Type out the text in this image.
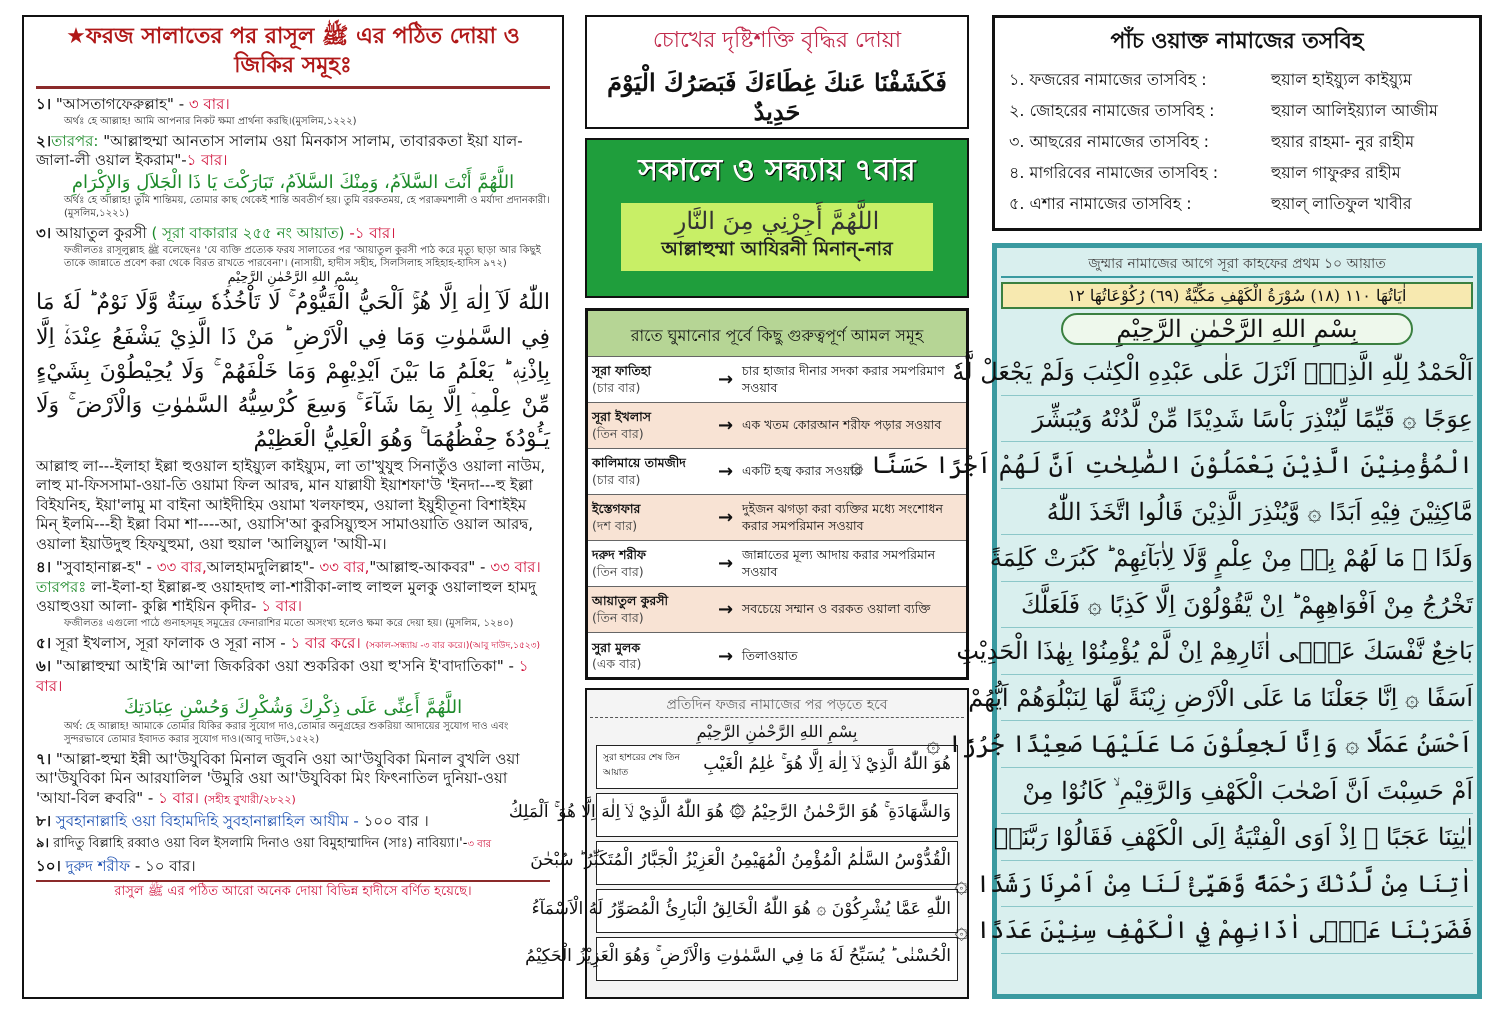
★ফরজ সালাতের পর রাসূল ﷺ এর পঠিত দোয়া ও জিকির সমূহঃ
১। "আসতাগফেরুল্লাহ" - ৩ বার।
অর্থঃ হে আল্লাহ! আমি আপনার নিকট ক্ষমা প্রার্থনা করছি।(মুসলিম,১২২২)
২।তারপর: "আল্লাহুম্মা আনতাস সালাম ওয়া মিনকাস সালাম, তাবারকতা ইয়া যাল-জালা-লী ওয়াল ইকরাম"-১ বার।
اللَّهُمَّ أَنْتَ السَّلاَمُ، وَمِنْكَ السَّلاَمُ، تَبَارَكْتَ يَا ذَا الْجَلاَلِ وَالإِكْرَامِ
অর্থঃ হে আল্লাহ! তুমি শান্তিময়, তোমার কাছ থেকেই শান্তি অবতীর্ণ হয়। তুমি বরকতময়, হে পরাক্রমশালী ও মর্যাদা প্রদানকারী।(মুসলিম,১২২১)
৩। আয়াতুল কুরসী ( সূরা বাকারার ২৫৫ নং আয়াত) -১ বার।
ফজীলতঃ রাসূলুল্লাহ ﷺ বলেছেনঃ 'যে ব্যক্তি প্রত্যেক ফরয সালাতের পর 'আয়াতুল কুরসী পাঠ করে মৃত্যু ছাড়া আর কিছুই তাকে জান্নাতে প্রবেশ করা থেকে বিরত রাখতে পারবেনা'। (নাসায়ী, হাদীস সহীহ, সিলসিলাহ সহিহাহ-হাদিস ৯৭২)
بِسْمِ اللهِ الرَّحْمٰنِ الرَّحِيْمِ
اللّٰهُ لَآ اِلٰهَ اِلَّا هُوَۚ اَلْحَيُّ الْقَيُّوْمُ ۚ لَا تَاْخُذُهٗ سِنَةٌ وَّلَا نَوْمٌ ؕ لَهٗ مَا فِي السَّمٰوٰتِ وَمَا فِي الْاَرْضِ ؕ مَنْ ذَا الَّذِيْ يَشْفَعُ عِنْدَهٗۤ اِلَّا بِاِذْنِهٖ ؕ يَعْلَمُ مَا بَيْنَ اَيْدِيْهِمْ وَمَا خَلْفَهُمْ ۚ وَلَا يُحِيْطُوْنَ بِشَيْءٍ مِّنْ عِلْمِهٖۤ اِلَّا بِمَا شَآءَ ۚ وَسِعَ كُرْسِيُّهُ السَّمٰوٰتِ وَالْاَرْضَ ۚ وَلَا يَـُٔوْدُهٗ حِفْظُهُمَا ۚ وَهُوَ الْعَلِيُّ الْعَظِيْمُ
আল্লাহু লা---ইলাহা ইল্লা হুওয়াল হাইয়্যুল কাইয়্যুম, লা তা'খুযুহু সিনাতুঁও ওয়ালা নাউম, লাহু মা-ফিসসামা-ওয়া-তি ওয়ামা ফিল আরদ্ব, মান যাল্লাযী ইয়াশফা'উ 'ইনদা---হু ইল্লা বিইযনিহ, ইয়া'লামু মা বাইনা আইদীহিম ওয়ামা খলফাহুম, ওয়ালা ইয়ুহীতূনা বিশাইইম মিন্ ইলমি---হী ইল্লা বিমা শা----আ, ওয়াসি'আ কুরসিয়্যুহুস সামাওয়াতি ওয়াল আরদ্ব, ওয়ালা ইয়াউদুহু হিফযুহুমা, ওয়া হুয়াল 'আলিয়্যুল 'আযী-ম।
৪। "সুবাহানাল্ল-হ" - ৩৩ বার,আলহামদুলিল্লাহ"- ৩৩ বার,"আল্লাহু-আকবর" - ৩৩ বার।তারপরঃ লা-ইলা-হা ইল্লাল্ল-হু ওয়াহদাহু লা-শারীকা-লাহু লাহুল মুলকু ওয়ালাহুল হামদু ওয়াহুওয়া আলা- কুল্লি শাইয়িন কৃদীর- ১ বার।
ফজীলতঃ এগুলো পাঠে গুনাহসমূহ সমুদ্রের ফেনারাশির মতো অসংখ্য হলেও ক্ষমা করে দেয়া হয়। (মুসলিম, ১২৪০)
৫। সূরা ইখলাস, সূরা ফালাক ও সূরা নাস - ১ বার করে। (সকাল-সন্ধ্যায় -৩ বার করে।)(আবু দাউদ,১৫২৩)
৬। "আল্লাহুম্মা আই'ন্নি আ'লা জিকরিকা ওয়া শুকরিকা ওয়া হু'সনি ই'বাদাতিকা" - ১ বার।
اللَّهُمَّ أَعِنِّى عَلَى ذِكْرِكَ وَشُكْرِكَ وَحُسْنِ عِبَادَتِكَ
অর্থ: হে আল্লাহ! আমাকে তোমার যিকির করার সুযোগ দাও,তোমার অনুগ্রহের শুকরিয়া আদায়ের সুযোগ দাও এবং সুন্দরভাবে তোমার ইবাদত করার সুযোগ দাও।(আবু দাউদ,১৫২২)
৭। "আল্লা-হুম্মা ইন্নী আ'উযুবিকা মিনাল জুবনি ওয়া আ'উযুবিকা মিনাল বুখলি ওয়া আ'উযুবিকা মিন আরযালিল 'উমুরি ওয়া আ'উযুবিকা মিং ফিৎনাতিল দুনিয়া-ওয়া 'আযা-বিল ক্ববরি" - ১ বার। (সহীহ বুখারী/২৮২২)
৮। সুবহানাল্লাহি ওয়া বিহামদিহি সুবহানাল্লাহিল আযীম - ১০০ বার ।
৯। রাদিতু বিল্লাহি রব্বাও ওয়া বিল ইসলামি দিনাও ওয়া বিমুহাম্মাদিন (সাঃ) নাবিয়্যা।'-৩ বার
১০। দুরুদ শরীফ - ১০ বার।
রাসুল ﷺ এর পঠিত আরো অনেক দোয়া বিভিন্ন হাদীসে বর্ণিত হয়েছে।
চোখের দৃষ্টিশক্তি বৃদ্ধির দোয়া
فَكَشَفْنَا عَنكَ غِطَاءَكَ فَبَصَرُكَ الْيَوْمَ حَدِيدٌ
সকালে ও সন্ধ্যায় ৭বার
اللَّهُمَّ أَجِرْنِي مِنَ النَّارِ
আল্লাহুম্মা আযিরনী মিনান্-নার
রাতে ঘুমানোর পূর্বে কিছু গুরুত্বপূর্ণ আমল সমূহ
সূরা ফাতিহা
(চার বার)	→ চার হাজার দীনার সদকা করার সমপরিমাণ সওয়াব
সূরা ইখলাস
(তিন বার)	→ এক খতম কোরআন শরীফ পড়ার সওয়াব
কালিমায়ে তামজীদ
(চার বার)	→ একটি হজ্ব করার সওয়াব
ইস্তেগফার
(দশ বার)	→ দুইজন ঝগড়া করা ব্যক্তির মধ্যে সংশোধন করার সমপরিমান সওয়াব
দরুদ শরীফ
(তিন বার)	→ জান্নাতের মূল্য আদায় করার সমপরিমান সওয়াব
আয়াতুল কুরসী
(তিন বার)	→ সবচেয়ে সম্মান ও বরকত ওয়ালা ব্যক্তি
সুরা মুলক
(এক বার)	→ তিলাওয়াত
প্রতিদিন ফজর নামাজের পর পড়তে হবে
بِسْمِ اللهِ الرَّحْمٰنِ الرَّحِيْمِ
هُوَ اللّٰهُ الَّذِيْ لَاۤ اِلٰهَ اِلَّا هُوَ ۚ عٰلِمُ الْغَيْبِ
সুরা হাশরের শেষ তিন আয়াত
وَالشَّهَادَةِ ۚ هُوَ الرَّحْمٰنُ الرَّحِيْمُ ۞ هُوَ اللّٰهُ الَّذِيْ لَاۤ اِلٰهَ اِلَّا هُوَ ۚ اَلْمَلِكُ
الْقُدُّوْسُ السَّلٰمُ الْمُؤْمِنُ الْمُهَيْمِنُ الْعَزِيْزُ الْجَبَّارُ الْمُتَكَبِّرُ ؕ سُبْحٰنَ
اللّٰهِ عَمَّا يُشْرِكُوْنَ ۞ هُوَ اللّٰهُ الْخَالِقُ الْبَارِئُ الْمُصَوِّرُ لَهُ الْاَسْمَآءُ
الْحُسْنٰى ؕ يُسَبِّحُ لَهٗ مَا فِي السَّمٰوٰتِ وَالْاَرْضِ ۚ وَهُوَ الْعَزِيْزُ الْحَكِيْمُ
পাঁচ ওয়াক্ত নামাজের তসবিহ
১. ফজরের নামাজের তাসবিহ :	হুয়াল হাইয়্যুল কাইয়্যুম
২. জোহরের নামাজের তাসবিহ :	হুয়াল আলিইয়্যাল আজীম
৩. আছরের নামাজের তাসবিহ :	হুয়ার রাহমা- নুর রাহীম
৪. মাগরিবের নামাজের তাসবিহ :	হুয়াল গাফুরুর রাহীম
৫. এশার নামাজের তাসবিহ :	হুয়াল্ লাতিফুল খাবীর
জুম্মার নামাজের আগে সূরা কাহফের প্রথম ১০ আয়াত
اٰيَاتُهَا ١١٠ (١٨) سُوْرَةُ الْكَهْفِ مَكِّيَّةٌ (٦٩) رُكُوْعَاتُهَا ١٢
بِسْمِ اللهِ الرَّحْمٰنِ الرَّحِيْمِ
اَلْحَمْدُ لِلّٰهِ الَّذِيْۤ اَنْزَلَ عَلٰى عَبْدِهِ الْكِتٰبَ وَلَمْ يَجْعَلْ لَّهٗ
عِوَجًا ۞ قَيِّمًا لِّيُنْذِرَ بَاْسًا شَدِيْدًا مِّنْ لَّدُنْهُ وَيُبَشِّرَ
الْمُؤْمِنِيْنَ الَّذِيْنَ يَعْمَلُوْنَ الصّٰلِحٰتِ اَنَّ لَهُمْ اَجْرًا حَسَنًا ۞
مَّاكِثِيْنَ فِيْهِ اَبَدًا ۞ وَّيُنْذِرَ الَّذِيْنَ قَالُوا اتَّخَذَ اللّٰهُ
وَلَدًا ۞ مَا لَهُمْ بِهٖ مِنْ عِلْمٍ وَّلَا لِاٰبَآئِهِمْ ؕ كَبُرَتْ كَلِمَةً
تَخْرُجُ مِنْ اَفْوَاهِهِمْ ؕ اِنْ يَّقُوْلُوْنَ اِلَّا كَذِبًا ۞ فَلَعَلَّكَ
بَاخِعٌ نَّفْسَكَ عَلٰۤى اٰثَارِهِمْ اِنْ لَّمْ يُؤْمِنُوْا بِهٰذَا الْحَدِيْثِ
اَسَفًا ۞ اِنَّا جَعَلْنَا مَا عَلَى الْاَرْضِ زِيْنَةً لَّهَا لِنَبْلُوَهُمْ اَيُّهُمْ
اَحْسَنُ عَمَلًا ۞ وَاِنَّا لَجٰعِلُوْنَ مَا عَلَيْهَا صَعِيْدًا جُرُزًا ۞
اَمْ حَسِبْتَ اَنَّ اَصْحٰبَ الْكَهْفِ وَالرَّقِيْمِ ۙ كَانُوْا مِنْ
اٰيٰتِنَا عَجَبًا ۞ اِذْ اَوَى الْفِتْيَةُ اِلَى الْكَهْفِ فَقَالُوْا رَبَّنَاۤ
اٰتِنَا مِنْ لَّدُنْكَ رَحْمَةً وَّهَيِّئْ لَنَا مِنْ اَمْرِنَا رَشَدًا ۞
فَضَرَبْنَا عَلٰۤى اٰذَانِهِمْ فِي الْكَهْفِ سِنِيْنَ عَدَدًا ۞
